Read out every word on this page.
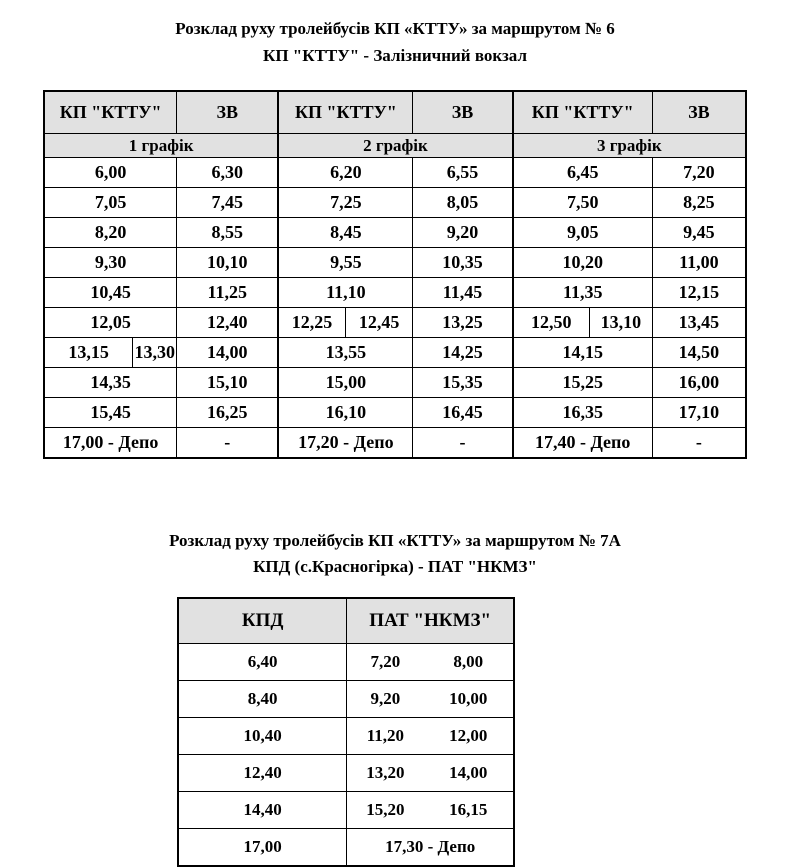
Розклад руху тролейбусів КП «КТТУ» за маршрутом № 6
КП "КТТУ" - Залізничний вокзал
КП "КТТУ"		ЗВ	КП "КТТУ"		ЗВ	КП "КТТУ"		ЗВ
1 графік			2 графік			3 графік		
6,00		6,30	6,20		6,55	6,45		7,20
7,05		7,45	7,25		8,05	7,50		8,25
8,20		8,55	8,45		9,20	9,05		9,45
9,30		10,10	9,55		10,35	10,20		11,00
10,45		11,25	11,10		11,45	11,35		12,15
12,05		12,40	12,25	12,45	13,25	12,50	13,10	13,45
13,15	13,30	14,00	13,55		14,25	14,15		14,50
14,35		15,10	15,00		15,35	15,25		16,00
15,45		16,25	16,10		16,45	16,35		17,10
17,00 - Депо		-	17,20 - Депо		-	17,40 - Депо		-
Розклад руху тролейбусів КП «КТТУ» за маршрутом № 7А
КПД (с.Красногірка) - ПАТ "НКМЗ"
КПД	ПАТ "НКМЗ"	
6,40	7,20	8,00
8,40	9,20	10,00
10,40	11,20	12,00
12,40	13,20	14,00
14,40	15,20	16,15
17,00	17,30 - Депо	
